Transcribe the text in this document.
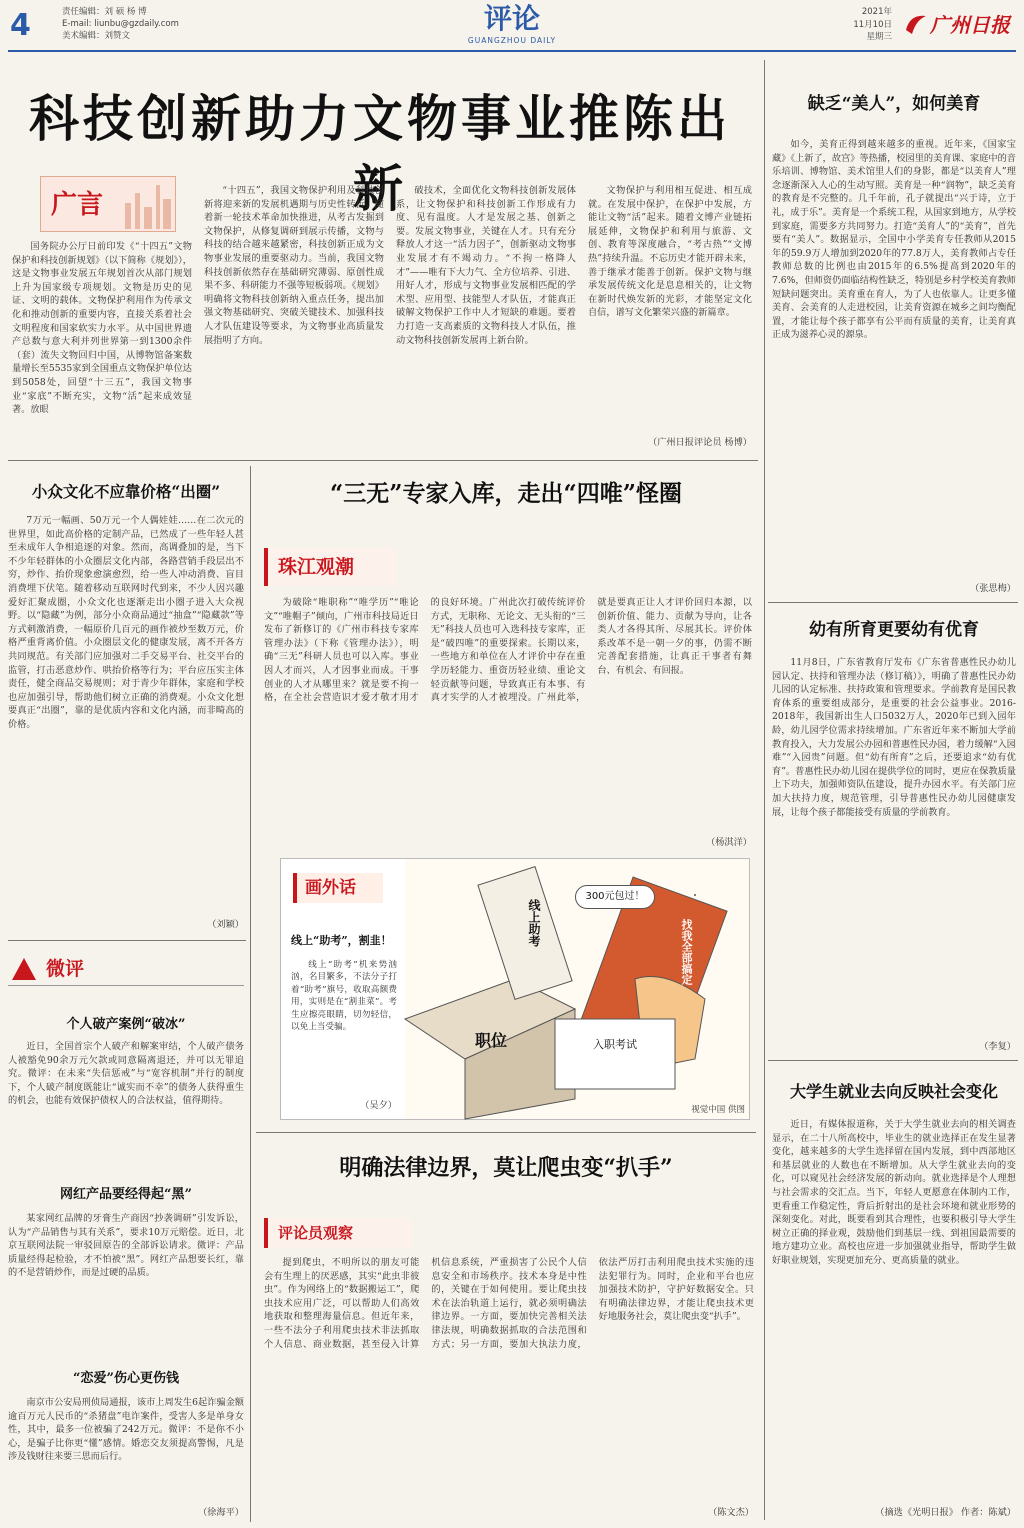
4	责任编辑：刘 硕 杨 博
E-mail: liunbu@gzdaily.com
美术编辑：刘赞文
评论
GUANGZHOU DAILY
2021年
11月10日
星期三 广州日报
科技创新助力文物事业推陈出新
广言

国务院办公厅日前印发《“十四五”文物保护和科技创新规划》（以下简称《规划》），这是文物事业发展五年规划首次从部门规划上升为国家级专项规划。文物是历史的见证、文明的载体。文物保护利用作为传承文化和推动创新的重要内容，直接关系着社会文明程度和国家软实力水平。从中国世界遗产总数与意大利并列世界第一到1300余件（套）流失文物回归中国，从博物馆备案数量增长至5535家到全国重点文物保护单位达到5058处，回望“十三五”，我国文物事业“家底”不断充实，文物“活”起来成效显著。放眼

“十四五”，我国文物保护利用及科技创新将迎来新的发展机遇期与历史性转折。随着新一轮技术革命加快推进，从考古发掘到文物保护，从修复调研到展示传播，文物与科技的结合越来越紧密，科技创新正成为文物事业发展的重要驱动力。当前，我国文物科技创新依然存在基础研究薄弱、原创性成果不多、科研能力不强等短板弱项。《规划》明确将文物科技创新纳入重点任务，提出加强文物基础研究、突破关键技术、加强科技人才队伍建设等要求，为文物事业高质量发展指明了方向。

破技术，全面优化文物科技创新发展体系，让文物保护和科技创新工作形成有力度、见有温度。人才是发展之基、创新之要。发展文物事业，关键在人才。只有充分释放人才这一“活力因子”，创新驱动文物事业发展才有不竭动力。“不拘一格降人才”——唯有下大力气、全方位培养、引进、用好人才，形成与文物事业发展相匹配的学术型、应用型、技能型人才队伍，才能真正破解文物保护工作中人才短缺的难题。要着力打造一支高素质的文物科技人才队伍，推动文物科技创新发展再上新台阶。

文物保护与利用相互促进、相互成就。在发展中保护，在保护中发展，方能让文物“活”起来。随着文博产业链拓展延伸，文物保护和利用与旅游、文创、教育等深度融合，“考古热”“文博热”持续升温。不忘历史才能开辟未来，善于继承才能善于创新。保护文物与继承发展传统文化是息息相关的，让文物在新时代焕发新的光彩，才能坚定文化自信，谱写文化繁荣兴盛的新篇章。

（广州日报评论员 杨博）
缺乏“美人”，如何美育

如今，美育正得到越来越多的重视。近年来，《国家宝藏》《上新了，故宫》等热播，校园里的美育课、家庭中的音乐培训、博物馆、美术馆里人们的身影，都是“以美育人”理念逐渐深入人心的生动写照。美育是一种“润物”，缺乏美育的教育是不完整的。几千年前，孔子就提出“兴于诗，立于礼，成于乐”。美育是一个系统工程，从国家到地方，从学校到家庭，需要多方共同努力。打造“美育人”的“美育”，首先要有“美人”。数据显示，全国中小学美育专任教师从2015年的59.9万人增加到2020年的77.8万人，美育教师占专任教师总数的比例也由2015年的6.5%提高到2020年的7.6%，但师资仍面临结构性缺乏，特别是乡村学校美育教师短缺问题突出。美育重在育人，为了人也依靠人。让更多懂美育、会美育的人走进校园，让美育资源在城乡之间均衡配置，才能让每个孩子都享有公平而有质量的美育，让美育真正成为滋养心灵的源泉。

（张思梅）
小众文化不应靠价格“出圈”

7万元一幅画、50万元一个人偶娃娃……在二次元的世界里，如此高价格的定制产品，已然成了一些年轻人甚至未成年人争相追逐的对象。然而，高调叠加的是，当下不少年轻群体的小众圈层文化内部，各路营销手段层出不穷，炒作、抬价现象愈演愈烈，给一些人冲动消费、盲目消费埋下伏笔。随着移动互联网时代到来，不少人因兴趣爱好汇聚成圈，小众文化也逐渐走出小圈子进入大众视野。以“隐藏”为例，部分小众商品通过“抽盒”“隐藏款”等方式刺激消费，一幅原价几百元的画作被炒至数万元，价格严重背离价值。小众圈层文化的健康发展，离不开各方共同规范。有关部门应加强对二手交易平台、社交平台的监管，打击恶意炒作、哄抬价格等行为；平台应压实主体责任，健全商品交易规则；对于青少年群体，家庭和学校也应加强引导，帮助他们树立正确的消费观。小众文化想要真正“出圈”，靠的是优质内容和文化内涵，而非畸高的价格。

（刘颖）
“三无”专家入库，走出“四唯”怪圈
珠江观潮

为破除“唯职称”“唯学历”“唯论文”“唯帽子”倾向，广州市科技局近日发布了新修订的《广州市科技专家库管理办法》（下称《管理办法》），明确“三无”科研人员也可以入库。事业因人才而兴，人才因事业而成。干事创业的人才从哪里来？就是要不拘一格，在全社会营造识才爱才敬才用才的良好环境。广州此次打破传统评价方式，无职称、无论文、无头衔的“三无”科技人员也可入选科技专家库，正是“破四唯”的重要探索。长期以来，一些地方和单位在人才评价中存在重学历轻能力、重资历轻业绩、重论文轻贡献等问题，导致真正有本事、有真才实学的人才被埋没。广州此举，就是要真正让人才评价回归本源，以创新价值、能力、贡献为导向，让各类人才各得其所、尽展其长。评价体系改革不是一朝一夕的事，仍需不断完善配套措施，让真正干事者有舞台、有机会、有回报。

（杨淇洋）
画外话
线上“助考”，割韭！

线上“助考”机来势汹汹，名目繁多，不法分子打着“助考”旗号，收取高额费用，实则是在“割韭菜”。考生应擦亮眼睛，切勿轻信，以免上当受骗。

（吴夕）
线上助考
300元包过！
找我全部搞定
职位	入职考试
视觉中国 供图
幼有所育更要幼有优育

11月8日，广东省教育厅发布《广东省普惠性民办幼儿园认定、扶持和管理办法（修订稿）》，明确了普惠性民办幼儿园的认定标准、扶持政策和管理要求。学前教育是国民教育体系的重要组成部分，是重要的社会公益事业。2016-2018年，我国新出生人口5032万人，2020年已到入园年龄，幼儿园学位需求持续增加。广东省近年来不断加大学前教育投入，大力发展公办园和普惠性民办园，着力缓解“入园难”“入园贵”问题。但“幼有所育”之后，还要追求“幼有优育”。普惠性民办幼儿园在提供学位的同时，更应在保教质量上下功夫，加强师资队伍建设，提升办园水平。有关部门应加大扶持力度，规范管理，引导普惠性民办幼儿园健康发展，让每个孩子都能接受有质量的学前教育。

（李复）
微评
个人破产案例“破冰”

近日，全国首宗个人破产和解案审结，个人破产债务人被豁免90余万元欠款或同意隔离退还，并可以无罪追究。微评：在未来“失信惩戒”与“宽容机制”并行的制度下，个人破产制度既能让“诚实而不幸”的债务人获得重生的机会，也能有效保护债权人的合法权益，值得期待。

网红产品要经得起“黑”

某家网红品牌的牙膏生产商因“抄袭调研”引发诉讼，认为“产品销售与其有关系”，要求10万元赔偿。近日，北京互联网法院一审驳回原告的全部诉讼请求。微评：产品质量经得起检验，才不怕被“黑”。网红产品想要长红，靠的不是营销炒作，而是过硬的品质。

“恋爱”伤心更伤钱

南京市公安局刑侦局通报，该市上周发生6起诈骗金额逾百万元人民币的“杀猪盘”电诈案件，受害人多是单身女性，其中，最多一位被骗了242万元。微评：不是你不小心，是骗子比你更“懂”感情。婚恋交友须提高警惕，凡是涉及钱财往来要三思而后行。

（徐海平）
明确法律边界，莫让爬虫变“扒手”
评论员观察

提到爬虫，不明所以的朋友可能会有生理上的厌恶感，其实“此虫非彼虫”。作为网络上的“数据搬运工”，爬虫技术应用广泛，可以帮助人们高效地获取和整理海量信息。但近年来，一些不法分子利用爬虫技术非法抓取个人信息、商业数据，甚至侵入计算机信息系统，严重损害了公民个人信息安全和市场秩序。技术本身是中性的，关键在于如何使用。要让爬虫技术在法治轨道上运行，就必须明确法律边界。一方面，要加快完善相关法律法规，明确数据抓取的合法范围和方式；另一方面，要加大执法力度，依法严厉打击利用爬虫技术实施的违法犯罪行为。同时，企业和平台也应加强技术防护，守护好数据安全。只有明确法律边界，才能让爬虫技术更好地服务社会，莫让爬虫变“扒手”。

（陈文杰）
大学生就业去向反映社会变化

近日，有媒体报道称，关于大学生就业去向的相关调查显示，在二十八所高校中，毕业生的就业选择正在发生显著变化，越来越多的大学生选择留在国内发展，到中西部地区和基层就业的人数也在不断增加。从大学生就业去向的变化，可以窥见社会经济发展的新动向。就业选择是个人理想与社会需求的交汇点。当下，年轻人更愿意在体制内工作，更看重工作稳定性，背后折射出的是社会环境和就业形势的深刻变化。对此，既要看到其合理性，也要积极引导大学生树立正确的择业观，鼓励他们到基层一线、到祖国最需要的地方建功立业。高校也应进一步加强就业指导，帮助学生做好职业规划，实现更加充分、更高质量的就业。

（摘选《光明日报》 作者：陈斌）
